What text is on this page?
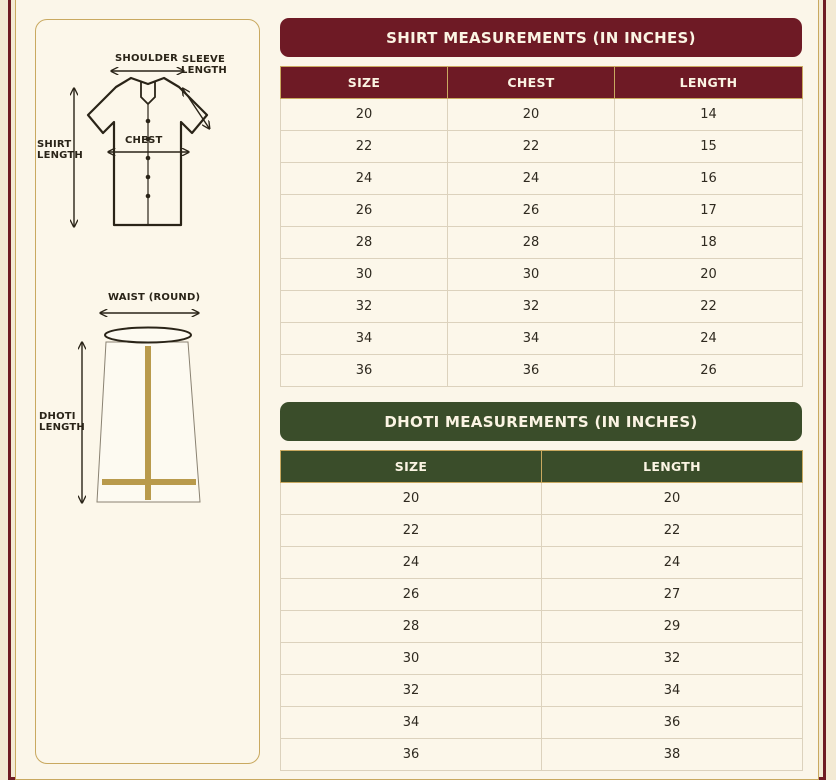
SHOULDER SLEEVE
LENGTH
CHEST
SHIRT
LENGTH
WAIST (ROUND)
DHOTI
LENGTH
SHIRT MEASUREMENTS (IN INCHES)
SIZE	CHEST	LENGTH
20	20	14
22	22	15
24	24	16
26	26	17
28	28	18
30	30	20
32	32	22
34	34	24
36	36	26
DHOTI MEASUREMENTS (IN INCHES)
SIZE	LENGTH
20	20
22	22
24	24
26	27
28	29
30	32
32	34
34	36
36	38
